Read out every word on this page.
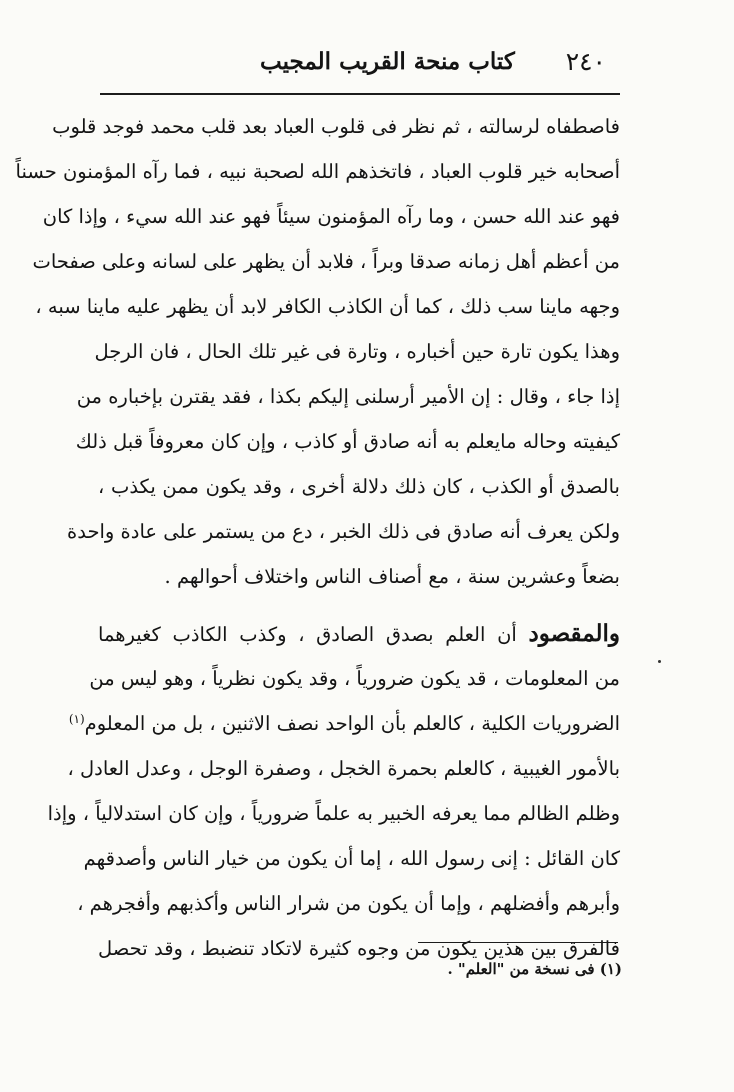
٢٤٠
كتاب منحة القريب المجيب
فاصطفاه لرسالته ، ثم نظر فى قلوب العباد بعد قلب محمد فوجد قلوب
أصحابه خير قلوب العباد ، فاتخذهم الله لصحبة نبيه ، فما رآه المؤمنون حسناً
فهو عند الله حسن ، وما رآه المؤمنون سيئاً فهو عند الله سيء ، وإذا كان
من أعظم أهل زمانه صدقا وبراً ، فلابد أن يظهر على لسانه وعلى صفحات
وجهه ماينا سب ذلك ، كما أن الكاذب الكافر لابد أن يظهر عليه ماينا سبه ،
وهذا يكون تارة حين أخباره ، وتارة فى غير تلك الحال ، فان الرجل
إذا جاء ، وقال : إن الأمير أرسلنى إليكم بكذا ، فقد يقترن بإخباره من
كيفيته وحاله مايعلم به أنه صادق أو كاذب ، وإن كان معروفاً قبل ذلك
بالصدق أو الكذب ، كان ذلك دلالة أخرى ، وقد يكون ممن يكذب ،
ولكن يعرف أنه صادق فى ذلك الخبر ، دع من يستمر على عادة واحدة
بضعاً وعشرين سنة ، مع أصناف الناس واختلاف أحوالهم .
والمقصود أن العلم بصدق الصادق ، وكذب الكاذب كغيرهما
من المعلومات ، قد يكون ضرورياً ، وقد يكون نظرياً ، وهو ليس من
الضروريات الكلية ، كالعلم بأن الواحد نصف الاثنين ، بل من المعلوم(١)
بالأمور الغيبية ، كالعلم بحمرة الخجل ، وصفرة الوجل ، وعدل العادل ،
وظلم الظالم مما يعرفه الخبير به علماً ضرورياً ، وإن كان استدلالياً ، وإذا
كان القائل : إنى رسول الله ، إما أن يكون من خيار الناس وأصدقهم
وأبرهم وأفضلهم ، وإما أن يكون من شرار الناس وأكذبهم وأفجرهم ،
فالفرق بين هذين يكون من وجوه كثيرة لاتكاد تنضبط ، وقد تحصل
(١) فى نسخة من "العلم" .
